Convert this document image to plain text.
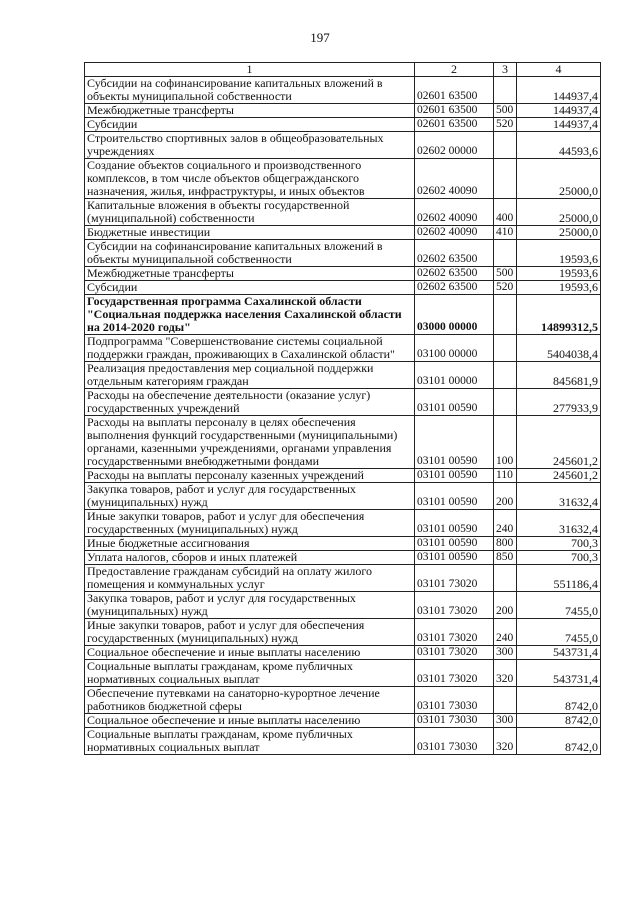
197
1	2	3	4
Субсидии на софинансирование капитальных вложений в объекты муниципальной собственности	02601 63500		144937,4
Межбюджетные трансферты	02601 63500	500	144937,4
Субсидии	02601 63500	520	144937,4
Строительство спортивных залов в общеобразовательных учреждениях	02602 00000		44593,6
Создание объектов социального и производственного комплексов, в том числе объектов общегражданского назначения, жилья, инфраструктуры, и иных объектов	02602 40090		25000,0
Капитальные вложения в объекты государственной (муниципальной) собственности	02602 40090	400	25000,0
Бюджетные инвестиции	02602 40090	410	25000,0
Субсидии на софинансирование капитальных вложений в объекты муниципальной собственности	02602 63500		19593,6
Межбюджетные трансферты	02602 63500	500	19593,6
Субсидии	02602 63500	520	19593,6
Государственная программа Сахалинской области "Социальная поддержка населения Сахалинской области на 2014-2020 годы"	03000 00000		14899312,5
Подпрограмма "Совершенствование системы социальной поддержки граждан, проживающих в Сахалинской области"	03100 00000		5404038,4
Реализация предоставления мер социальной поддержки отдельным категориям граждан	03101 00000		845681,9
Расходы на обеспечение деятельности (оказание услуг) государственных учреждений	03101 00590		277933,9
Расходы на выплаты персоналу в целях обеспечения выполнения функций государственными (муниципальными) органами, казенными учреждениями, органами управления государственными внебюджетными фондами	03101 00590	100	245601,2
Расходы на выплаты персоналу казенных учреждений	03101 00590	110	245601,2
Закупка товаров, работ и услуг для государственных (муниципальных) нужд	03101 00590	200	31632,4
Иные закупки товаров, работ и услуг для обеспечения государственных (муниципальных) нужд	03101 00590	240	31632,4
Иные бюджетные ассигнования	03101 00590	800	700,3
Уплата налогов, сборов и иных платежей	03101 00590	850	700,3
Предоставление гражданам субсидий на оплату жилого помещения и коммунальных услуг	03101 73020		551186,4
Закупка товаров, работ и услуг для государственных (муниципальных) нужд	03101 73020	200	7455,0
Иные закупки товаров, работ и услуг для обеспечения государственных (муниципальных) нужд	03101 73020	240	7455,0
Социальное обеспечение и иные выплаты населению	03101 73020	300	543731,4
Социальные выплаты гражданам, кроме публичных нормативных социальных выплат	03101 73020	320	543731,4
Обеспечение путевками на санаторно-курортное лечение работников бюджетной сферы	03101 73030		8742,0
Социальное обеспечение и иные выплаты населению	03101 73030	300	8742,0
Социальные выплаты гражданам, кроме публичных нормативных социальных выплат	03101 73030	320	8742,0
